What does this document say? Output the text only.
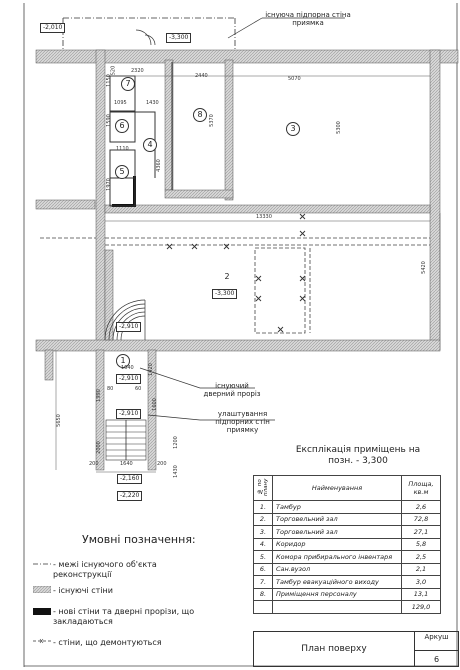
існуюча підпорна стіна приямка
існуючий дверний проріз
улаштування підпорних стін приямку
-2,010
-3,300
-3,300
-2,910
-2,910
-2,910
-2,160
-2,220
1
2
3
4
5
6
7
8
2320
2440	5070
1095	1430
1110
1150
1590
1970
4360
5370
5300
5420
13330
1640	1420
1990
2000
5650
1600
1200
1430
200	1640	200
80	60
520
Експлікація приміщень на позн. - 3,300
№ по плану	Найменування	Площа, кв.м
1.	Тамбур	2,6
2.	Торговельний зал	72,8
3.	Торговельний зал	27,1
4.	Коридор	5,8
5.	Комора прибирального інвентаря	2,5
6.	Сан.вузол	2,1
7.	Тамбур евакуаційного виходу	3,0
8.	Приміщення персоналу	13,1
		129,0
Умовні позначення:
- межі існуючого об'єкта реконструкції
- існуючі стіни
- нові стіни та дверні прорізи, що закладаються
- стіни, що демонтуються
План поверху
Аркуш
6
